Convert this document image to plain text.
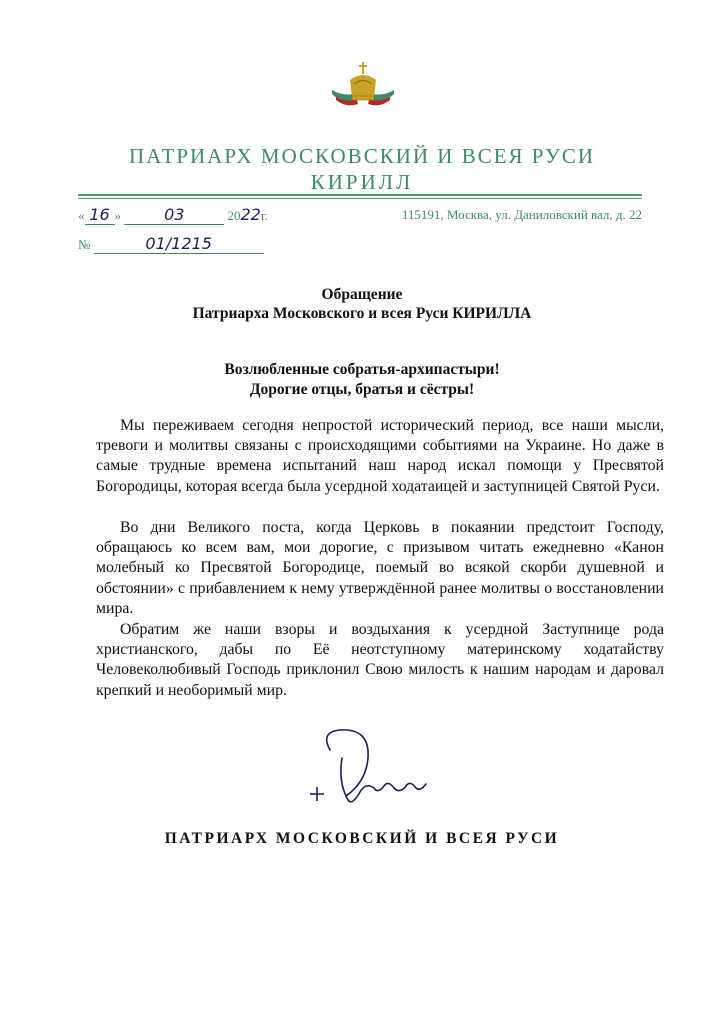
ПАТРИАРХ МОСКОВСКИЙ И ВСЕЯ РУСИ
КИРИЛЛ
« 16 »	03	2022г.	115191, Москва, ул. Даниловский вал, д. 22
№	01/1215
Обращение
Патриарха Московского и всея Руси КИРИЛЛА
Возлюбленные собратья-архипастыри!
Дорогие отцы, братья и сёстры!
Мы переживаем сегодня непростой исторический период, все наши мысли, тревоги и молитвы связаны с происходящими событиями на Украине. Но даже в самые трудные времена испытаний наш народ искал помощи у Пресвятой Богородицы, которая всегда была усердной ходатаицей и заступницей Святой Руси.
Во дни Великого поста, когда Церковь в покаянии предстоит Господу, обращаюсь ко всем вам, мои дорогие, с призывом читать ежедневно «Канон молебный ко Пресвятой Богородице, поемый во всякой скорби душевной и обстоянии» с прибавлением к нему утверждённой ранее молитвы о восстановлении мира.
Обратим же наши взоры и воздыхания к усердной Заступнице рода христианского, дабы по Её неотступному материнскому ходатайству Человеколюбивый Господь приклонил Свою милость к нашим народам и даровал крепкий и необоримый мир.
ПАТРИАРХ МОСКОВСКИЙ И ВСЕЯ РУСИ
